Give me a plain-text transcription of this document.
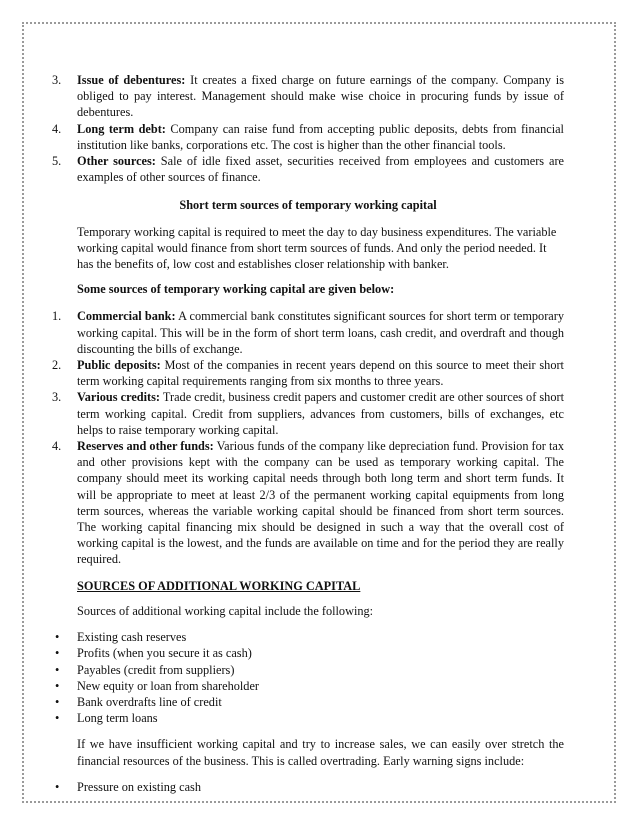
3.	Issue of debentures: It creates a fixed charge on future earnings of the company. Company is obliged to pay interest. Management should make wise choice in procuring funds by issue of debentures.
4.	Long term debt: Company can raise fund from accepting public deposits, debts from financial institution like banks, corporations etc. The cost is higher than the other financial tools.
5.	Other sources: Sale of idle fixed asset, securities received from employees and customers are examples of other sources of finance.
Short term sources of temporary working capital
Temporary working capital is required to meet the day to day business expenditures. The variable working capital would finance from short term sources of funds. And only the period needed. It has the benefits of, low cost and establishes closer relationship with banker.
Some sources of temporary working capital are given below:
1.	Commercial bank: A commercial bank constitutes significant sources for short term or temporary working capital. This will be in the form of short term loans, cash credit, and overdraft and though discounting the bills of exchange.
2.	Public deposits: Most of the companies in recent years depend on this source to meet their short term working capital requirements ranging from six months to three years.
3.	Various credits: Trade credit, business credit papers and customer credit are other sources of short term working capital. Credit from suppliers, advances from customers, bills of exchanges, etc helps to raise temporary working capital.
4.	Reserves and other funds: Various funds of the company like depreciation fund. Provision for tax and other provisions kept with the company can be used as temporary working capital. The company should meet its working capital needs through both long term and short term funds. It will be appropriate to meet at least 2/3 of the permanent working capital equipments from long term sources, whereas the variable working capital should be financed from short term sources. The working capital financing mix should be designed in such a way that the overall cost of working capital is the lowest, and the funds are available on time and for the period they are really required.
SOURCES OF ADDITIONAL WORKING CAPITAL
Sources of additional working capital include the following:
• Existing cash reserves
• Profits (when you secure it as cash)
• Payables (credit from suppliers)
• New equity or loan from shareholder
• Bank overdrafts line of credit
• Long term loans
If we have insufficient working capital and try to increase sales, we can easily over stretch the financial resources of the business. This is called overtrading. Early warning signs include:
• Pressure on existing cash
